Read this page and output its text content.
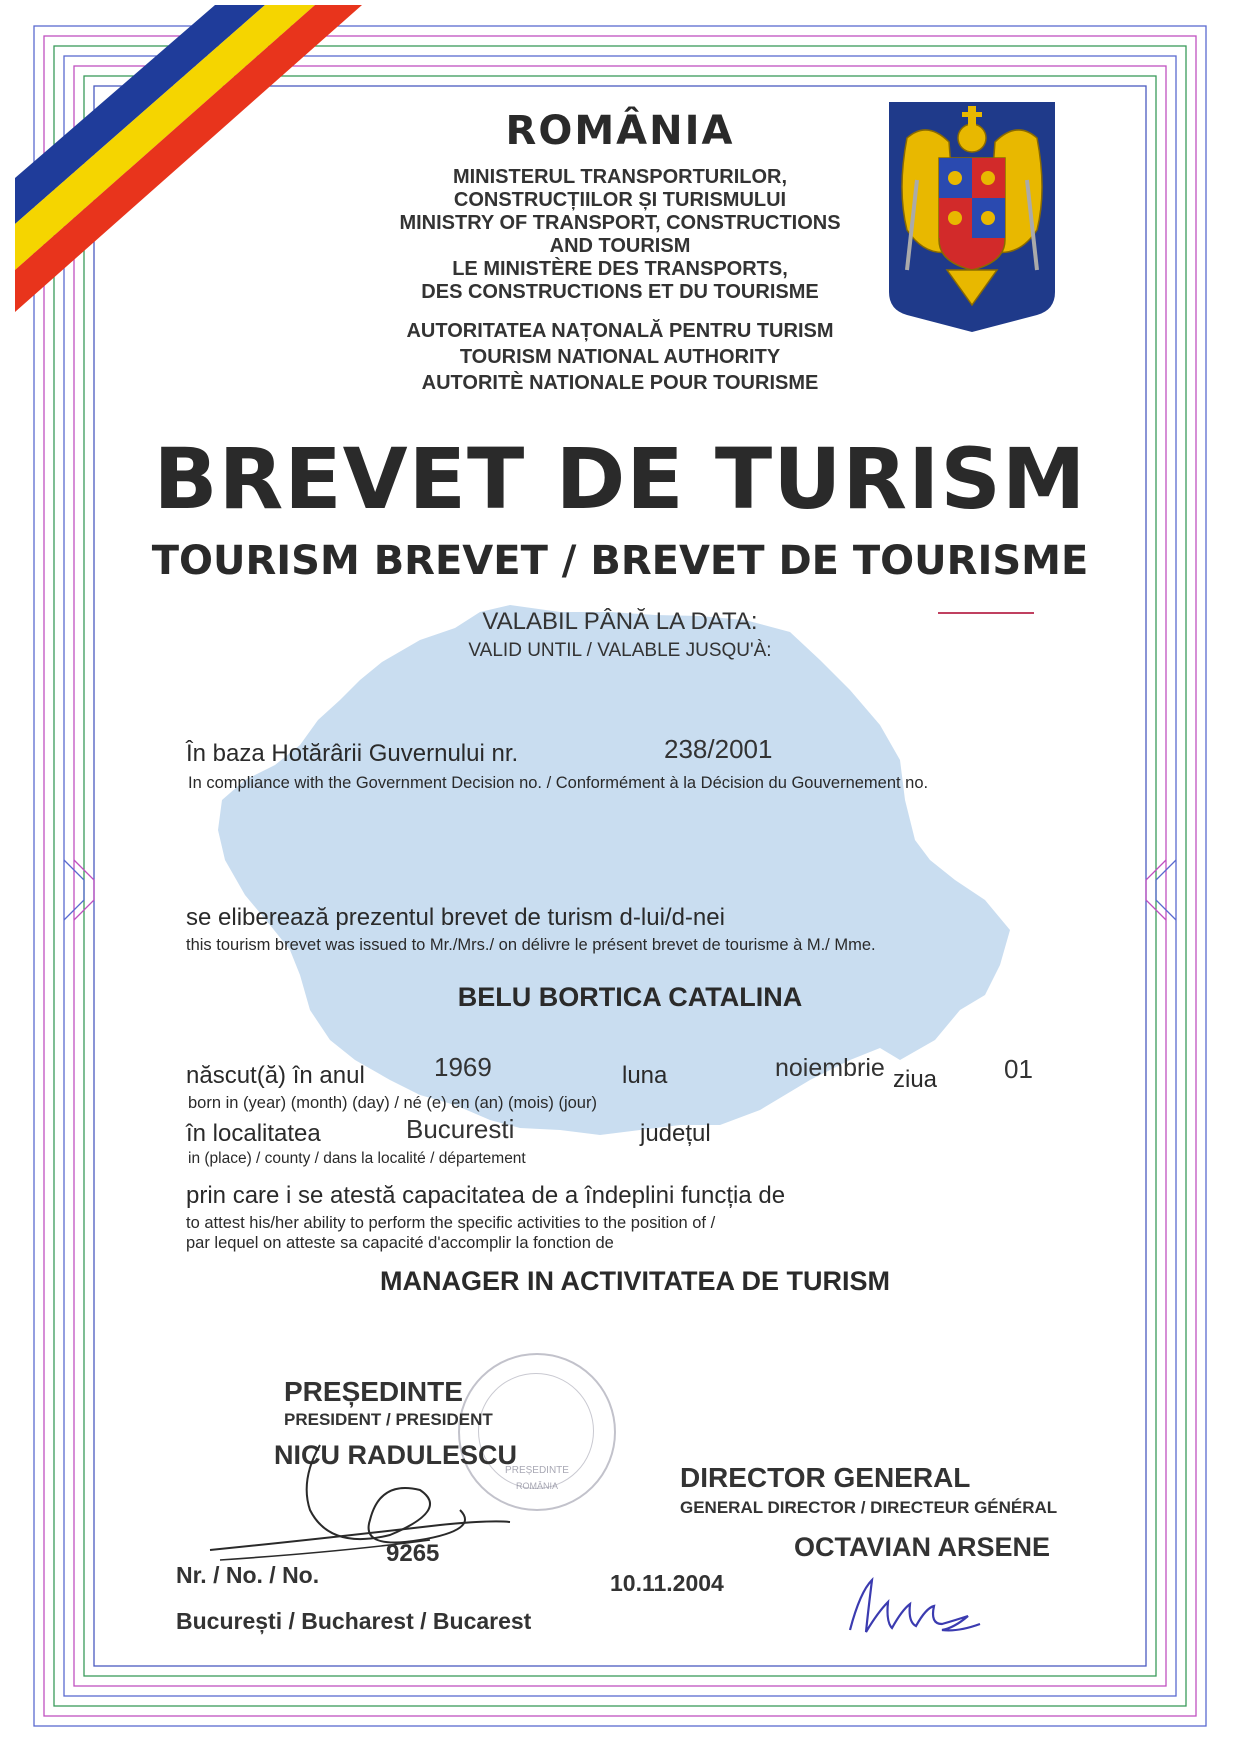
ROMÂNIA
MINISTERUL TRANSPORTURILOR,
CONSTRUCȚIILOR ȘI TURISMULUI
MINISTRY OF TRANSPORT, CONSTRUCTIONS
AND TOURISM
LE MINISTÈRE DES TRANSPORTS,
DES CONSTRUCTIONS ET DU TOURISME
AUTORITATEA NAȚONALĂ PENTRU TURISM
TOURISM NATIONAL AUTHORITY
AUTORITÈ NATIONALE POUR TOURISME
BREVET DE TURISM
TOURISM BREVET / BREVET DE TOURISME
VALABIL PÂNĂ LA DATA:
VALID UNTIL / VALABLE JUSQU'À:
În baza Hotărârii Guvernului nr.	238/2001
In compliance with the Government Decision no. / Conformément à la Décision du Gouvernement no.
se eliberează prezentul brevet de turism d-lui/d-nei
this tourism brevet was issued to Mr./Mrs./ on délivre le présent brevet de tourisme à M./ Mme.
BELU BORTICA CATALINA
născut(ă) în anul	1969	luna	noiembrie ziua	01
born in (year) (month) (day) / né (e) en (an) (mois) (jour)
în localitatea	Bucuresti	județul
in (place) / county / dans la localité / département
prin care i se atestă capacitatea de a îndeplini funcția de
to attest his/her ability to perform the specific activities to the position of /
par lequel on atteste sa capacité d'accomplir la fonction de
MANAGER IN ACTIVITATEA DE TURISM
PREȘEDINTE
ROMÂNIA
PREȘEDINTE
PRESIDENT / PRESIDENT
NICU RADULESCU
DIRECTOR GENERAL
GENERAL DIRECTOR / DIRECTEUR GÉNÉRAL
OCTAVIAN ARSENE
Nr. / No. / No.
9265
10.11.2004
București / Bucharest / Bucarest
